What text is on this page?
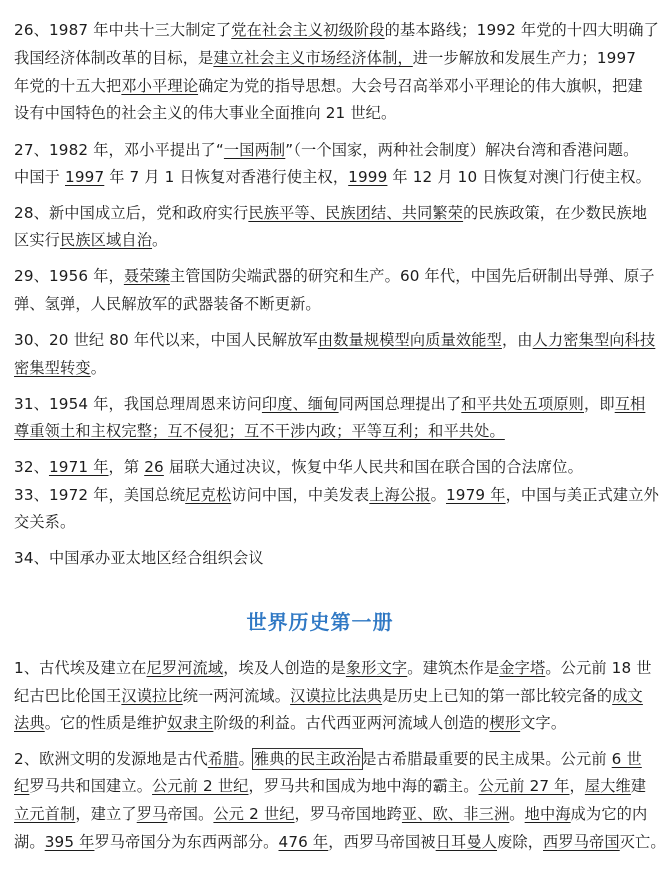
世界历史第一册
26、1987 年中共十三大制定了党在社会主义初级阶段的基本路线；1992 年党的十四大明确了
我国经济体制改革的目标，是建立社会主义市场经济体制，进一步解放和发展生产力；1997
年党的十五大把邓小平理论确定为党的指导思想。大会号召高举邓小平理论的伟大旗帜，把建
设有中国特色的社会主义的伟大事业全面推向 21 世纪。
27、1982 年，邓小平提出了“一国两制”（一个国家，两种社会制度）解决台湾和香港问题。
中国于 1997 年 7 月 1 日恢复对香港行使主权，1999 年 12 月 10 日恢复对澳门行使主权。
28、新中国成立后，党和政府实行民族平等、民族团结、共同繁荣的民族政策，在少数民族地
区实行民族区域自治。
29、1956 年，聂荣臻主管国防尖端武器的研究和生产。60 年代，中国先后研制出导弹、原子
弹、氢弹，人民解放军的武器装备不断更新。
30、20 世纪 80 年代以来，中国人民解放军由数量规模型向质量效能型，由人力密集型向科技
密集型转变。
31、1954 年，我国总理周恩来访问印度、缅甸同两国总理提出了和平共处五项原则，即互相
尊重领土和主权完整；互不侵犯；互不干涉内政；平等互利；和平共处。
32、1971 年，第 26 届联大通过决议，恢复中华人民共和国在联合国的合法席位。
33、1972 年，美国总统尼克松访问中国，中美发表上海公报。1979 年，中国与美正式建立外
交关系。
34、中国承办亚太地区经合组织会议
1、古代埃及建立在尼罗河流域，埃及人创造的是象形文字。建筑杰作是金字塔。公元前 18 世
纪古巴比伦国王汉谟拉比统一两河流域。汉谟拉比法典是历史上已知的第一部比较完备的成文
法典。它的性质是维护奴隶主阶级的利益。古代西亚两河流域人创造的楔形文字。
2、欧洲文明的发源地是古代希腊。雅典的民主政治是古希腊最重要的民主成果。公元前 6 世
纪罗马共和国建立。公元前 2 世纪，罗马共和国成为地中海的霸主。公元前 27 年，屋大维建
立元首制，建立了罗马帝国。公元 2 世纪，罗马帝国地跨亚、欧、非三洲。地中海成为它的内
湖。395 年罗马帝国分为东西两部分。476 年，西罗马帝国被日耳曼人废除，西罗马帝国灭亡。
